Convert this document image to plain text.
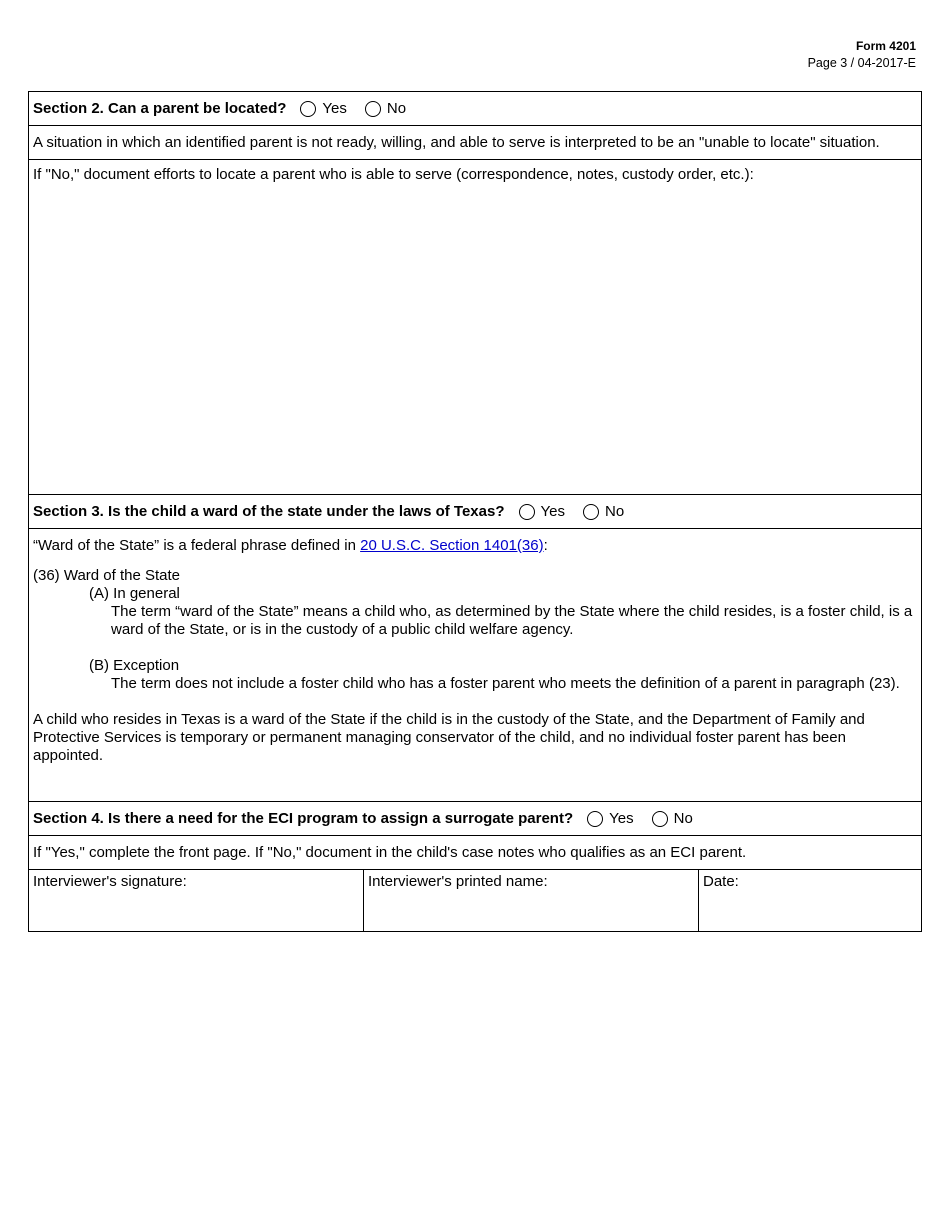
Form 4201
Page 3 / 04-2017-E
Section 2. Can a parent be located? Yes	No
A situation in which an identified parent is not ready, willing, and able to serve is interpreted to be an "unable to locate" situation.
If "No," document efforts to locate a parent who is able to serve (correspondence, notes, custody order, etc.):
Section 3. Is the child a ward of the state under the laws of Texas? Yes	No

“Ward of the State” is a federal phrase defined in 20 U.S.C. Section 1401(36):

(36) Ward of the State

(A) In general

The term “ward of the State” means a child who, as determined by the State where the child resides, is a foster child, is a ward of the State, or is in the custody of a public child welfare agency.

(B) Exception

The term does not include a foster child who has a foster parent who meets the definition of a parent in paragraph (23).

A child who resides in Texas is a ward of the State if the child is in the custody of the State, and the Department of Family and Protective Services is temporary or permanent managing conservator of the child, and no individual foster parent has been appointed.

Section 4. Is there a need for the ECI program to assign a surrogate parent? Yes	No
If "Yes," complete the front page. If "No," document in the child's case notes who qualifies as an ECI parent.
Interviewer's signature:	Interviewer's printed name:	Date:
